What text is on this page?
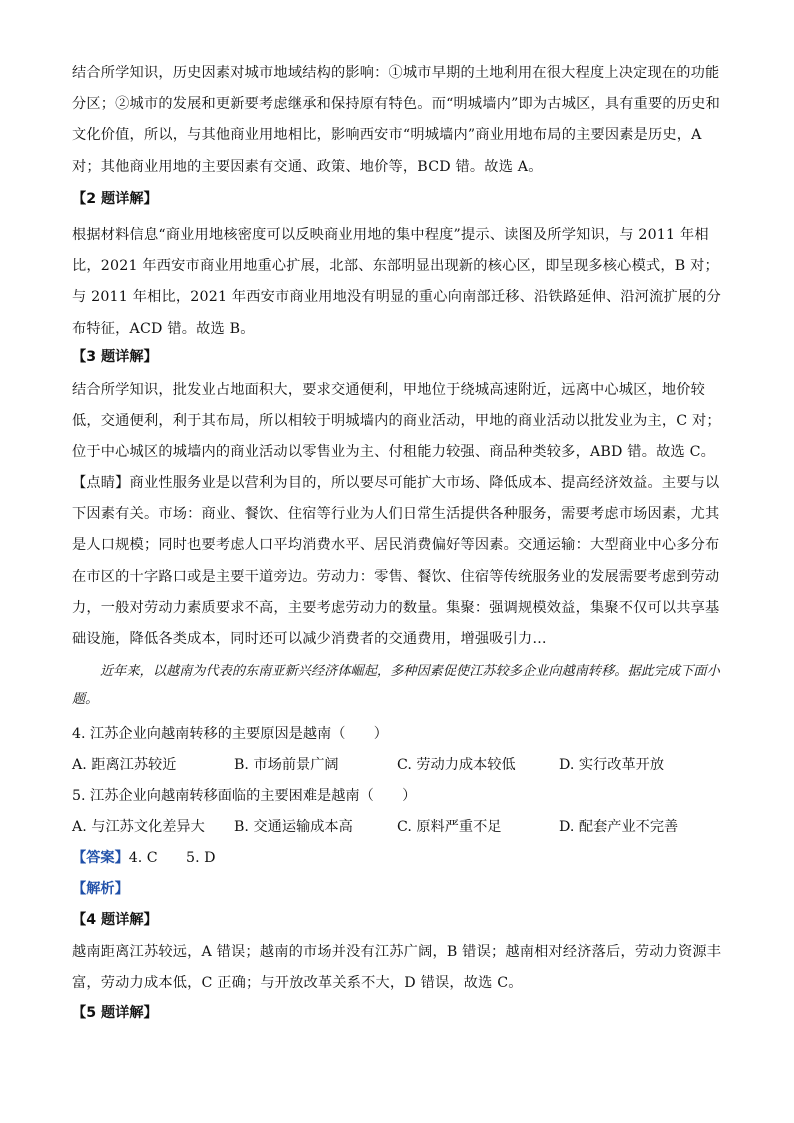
结合所学知识，历史因素对城市地域结构的影响：①城市早期的土地利用在很大程度上决定现在的功能分区；②城市的发展和更新要考虑继承和保持原有特色。而“明城墙内”即为古城区，具有重要的历史和文化价值，所以，与其他商业用地相比，影响西安市“明城墙内”商业用地布局的主要因素是历史，A 对；其他商业用地的主要因素有交通、政策、地价等，BCD 错。故选 A。

【2 题详解】

根据材料信息“商业用地核密度可以反映商业用地的集中程度”提示、读图及所学知识，与 2011 年相比，2021 年西安市商业用地重心扩展，北部、东部明显出现新的核心区，即呈现多核心模式，B 对；与 2011 年相比，2021 年西安市商业用地没有明显的重心向南部迁移、沿铁路延伸、沿河流扩展的分布特征，ACD 错。故选 B。

【3 题详解】

结合所学知识，批发业占地面积大，要求交通便利，甲地位于绕城高速附近，远离中心城区，地价较低，交通便利，利于其布局，所以相较于明城墙内的商业活动，甲地的商业活动以批发业为主，C 对；位于中心城区的城墙内的商业活动以零售业为主、付租能力较强、商品种类较多，ABD 错。故选 C。

【点睛】商业性服务业是以营利为目的，所以要尽可能扩大市场、降低成本、提高经济效益。主要与以下因素有关。市场：商业、餐饮、住宿等行业为人们日常生活提供各种服务，需要考虑市场因素，尤其是人口规模；同时也要考虑人口平均消费水平、居民消费偏好等因素。交通运输：大型商业中心多分布在市区的十字路口或是主要干道旁边。劳动力：零售、餐饮、住宿等传统服务业的发展需要考虑到劳动力，一般对劳动力素质要求不高，主要考虑劳动力的数量。集聚：强调规模效益，集聚不仅可以共享基础设施，降低各类成本，同时还可以减少消费者的交通费用，增强吸引力…

近年来，以越南为代表的东南亚新兴经济体崛起，多种因素促使江苏较多企业向越南转移。据此完成下面小题。

4. 江苏企业向越南转移的主要原因是越南（　　）

A. 距离江苏较近	B. 市场前景广阔	C. 劳动力成本较低	D. 实行改革开放

5. 江苏企业向越南转移面临的主要困难是越南（　　）

A. 与江苏文化差异大 B. 交通运输成本高	C. 原料严重不足	D. 配套产业不完善

【答案】4. C　　5. D

【解析】

【4 题详解】

越南距离江苏较远，A 错误；越南的市场并没有江苏广阔，B 错误；越南相对经济落后，劳动力资源丰富，劳动力成本低，C 正确；与开放改革关系不大，D 错误，故选 C。

【5 题详解】
